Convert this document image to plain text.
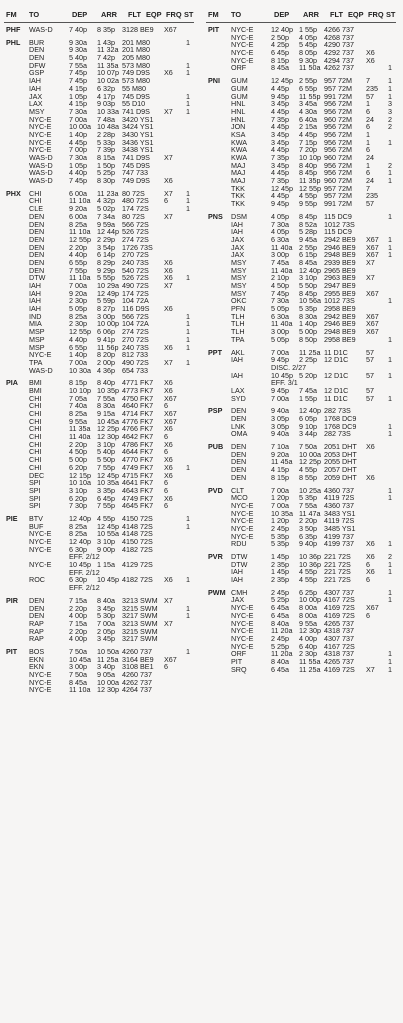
FM TO	DEP ARR FLT EQP FRQ ST
PHF WAS-D 7 40p 8 35p 3128 BE9 X67
PHL BUR	9 30a 1 43p 201 M80	1
DEN	9 30a 11 32a 201 M80
DEN	5 40p 7 42p 205 M80
DFW	7 55a 11 35a 573 M80	1
GSP	7 45p 10 07p 749 D9S X6 1
IAH	7 45p 10 02a 573 M80
IAH	4 15p 6 32p 55 M80
JAX	1 05p 4 17p 745 D9S	1
LAX	4 15p 9 03p 55 D10	1
MSY	7 30a 10 33a 741 D9S X7 1
NYC-E 7 00a 7 48a 3420 YS1
NYC-E 10 00a 10 48a 3424 YS1
NYC-E 1 40p 2 28p 3430 YS1
NYC-E 4 45p 5 33p 3436 YS1
NYC-E 7 00p 7 39p 3438 YS1
WAS-D 7 30a 8 15a 741 D9S X7
WAS-D 1 05p 1 50p 745 D9S
WAS-D 4 40p 5 25p 747 733
WAS-D 7 45p 8 30p 749 D9S X6
PHX CHI	6 00a 11 23a 80 72S	X7 1
CHI	11 10a 4 32p 480 72S 6	1
CLE	9 20a 5 02p 174 72S	1
DEN	6 00a 7 34a 80 72S	X7
DEN	8 25a 9 59a 566 72S
DEN	11 10a 12 44p 526 72S
DEN	12 55p 2 29p 274 72S
DEN	2 20p 3 54p 1726 73S
DEN	4 40p 6 14p 270 72S
DEN	6 55p 8 29p 240 73S X6
DEN	7 55p 9 29p 540 72S X6
DTW	11 10a 5 55p 526 72S X6 1
IAH	7 00a 10 29a 490 72S X7
IAH	9 20a 12 49p 174 72S
IAH	2 30p 5 59p 104 72A
IAH	5 05p 8 27p 116 D9S X6
IND	8 25a 3 00p 566 72S	1
MIA	2 30p 10 00p 104 72A	1
MSP	12 55p 6 06p 274 72S	1
MSP	4 40p 9 41p 270 72S	1
MSP	6 55p 11 56p 240 73S X6 1
NYC-E 1 40p 8 20p 812 733
TPA	7 00a 2 00p 490 72S X7 1
WAS-D 10 30a 4 36p 654 733
PIA BMI	8 15p 8 40p 4771 FK7 X6
BMI	10 10p 10 35p 4773 FK7 X6
CHI	7 05a 7 55a 4750 FK7 X67
CHI	7 40a 8 30a 4640 FK7 6
CHI	8 25a 9 15a 4714 FK7 X67
CHI	9 55a 10 45a 4776 FK7 X67
CHI	11 35a 12 25p 4766 FK7 X6
CHI	11 40a 12 30p 4642 FK7 6
CHI	2 20p 3 10p 4786 FK7 X6
CHI	4 50p 5 40p 4644 FK7 6
CHI	5 00p 5 50p 4770 FK7 X6
CHI	6 20p 7 55p 4749 FK7 X6 1
DEC	12 15p 12 45p 4715 FK7 X6
SPI	10 10a 10 35a 4641 FK7 6
SPI	3 10p 3 35p 4643 FK7 6
SPI	6 20p 6 45p 4749 FK7 X6
SPI	7 30p 7 55p 4645 FK7 6
PIE BTV	12 40p 4 55p 4150 72S	1
BUF	8 25a 12 45p 4148 72S	1
NYC-E 8 25a 10 55a 4148 72S
NYC-E 12 40p 3 10p 4150 72S
NYC-E 6 30p 9 00p 4182 72S
EFF. 2/12
NYC-E 10 45p 1 15a 4129 72S
EFF. 2/12
ROC	6 30p 10 45p 4182 72S X6 1
EFF. 2/12
PIR DEN	7 15a 8 40a 3213 SWM X7
DEN	2 20p 3 45p 3215 SWM	1
DEN	4 00p 5 30p 3217 SWM	1
RAP	7 15a 7 00a 3213 SWM X7
RAP	2 20p 2 05p 3215 SWM
RAP	4 00p 3 45p 3217 SWM
PIT BOS	7 50a 10 50a 4260 737	1
EKN	10 45a 11 25a 3164 BE9 X67
EKN	3 00p 3 40p 3108 BE1 6
NYC-E 7 50a 9 05a 4260 737
NYC-E 8 45a 10 00a 4262 737
NYC-E 11 10a 12 30p 4264 737
FM TO	DEP ARR FLT EQP FRQ ST
PIT NYC-E 12 40p 1 55p 4266 737
NYC-E 2 50p 4 05p 4268 737
NYC-E 4 25p 5 45p 4290 737
NYC-E 6 45p 8 05p 4292 737 X6
NYC-E 8 15p 9 30p 4294 737 X6
ORF	8 45a 11 50a 4262 737	1
PNI GUM	12 45p 2 55p 957 72M 7	1
GUM	4 45p 6 55p 957 72M 235 1
GUM	9 45p 11 55p 991 72M 57 1
HNL	3 45p 3 45a 956 72M 1	3
HNL	4 45p 4 30a 956 72M 6	3
HNL	7 35p 6 40a 960 72M 24 2
JON	4 45p 2 15a 956 72M 6	2
KSA	3 45p 4 45p 956 72M 1
KWA	3 45p 7 15p 956 72M 1	1
KWA	4 45p 7 20p 956 72M 6
KWA	7 35p 10 10p 960 72M 24
MAJ	3 45p 8 40p 956 72M 1	2
MAJ	4 45p 8 45p 956 72M 6	1
MAJ	7 35p 11 35p 960 72M 24 1
TKK	12 45p 12 55p 957 72M 7
TKK	4 45p 4 55p 957 72M 235
TKK	9 45p 9 55p 991 72M 57
PNS DSM	4 05p 8 45p 115 DC9	1
IAH	7 30a 8 52a 1012 73S
IAH	4 05p 5 28p 115 DC9
JAX	6 30a 9 45a 2942 BE9 X67 1
JAX	11 40a 2 55p 2946 BE9 X67 1
JAX	3 00p 6 15p 2948 BE9 X67 1
MSY	7 45a 8 45a 2939 BE9 X7
MSY	11 40a 12 40p 2965 BE9
MSY	2 10p 3 10p 2963 BE9 X7
MSY	4 50p 5 50p 2947 BE9
MSY	7 45p 8 45p 2955 BE9 X67
OKC	7 30a 10 56a 1012 73S	1
PFN	5 05p 5 35p 2958 BE9
TLH	6 30a 8 30a 2942 BE9 X67
TLH	11 40a 1 40p 2946 BE9 X67
TLH	3 00p 5 00p 2948 BE9 X67
TPA	5 05p 8 50p 2958 BE9	1
PPT AKL	7 00a 11 25a 11 D1C	57
IAH	9 45p 2 25p 12 D1C 57 1
DISC. 2/27
IAH	10 45p 5 20p 12 D1C 57 1
EFF. 3/1
LAX	9 45p 7 45a 12 D1C 57
SYD	7 00a 1 55p 11 D1C	57 1
PSP DEN	9 40a 12 40p 282 73S
DEN	3 05p 6 05p 1768 DC9
LNK	3 05p 9 10p 1768 DC9	1
OMA	9 40a 3 44p 282 73S	1
PUB DEN	7 10a 7 50a 2051 DHT X6
DEN	9 20a 10 00a 2053 DHT
DEN	11 45a 12 25p 2055 DHT
DEN	4 15p 4 55p 2057 DHT
DEN	8 15p 8 55p 2059 DHT X6
PVD CLT	7 00a 10 25a 4360 737	1
MCO	1 20p 5 35p 4119 72S	1
NYC-E 7 00a 7 55a 4360 737
NYC-E 10 35a 11 47a 3483 YS1
NYC-E 1 20p 2 20p 4119 72S
NYC-E 2 45p 3 50p 3485 YS1
NYC-E 5 35p 6 35p 4199 737
RDU	5 35p 9 40p 4199 737 X6 1
PVR DTW	1 45p 10 36p 221 72S X6 2
DTW	2 35p 10 36p 221 72S 6	1
IAH	1 45p 4 55p 221 72S X6 1
IAH	2 35p 4 55p 221 72S 6
PWM CMH	2 45p 6 25p 4307 737	1
JAX	5 25p 10 00p 4167 72S	1
NYC-E 6 45a 8 00a 4169 72S X67
NYC-E 6 45a 8 00a 4169 72S 6
NYC-E 8 40a 9 55a 4265 737
NYC-E 11 20a 12 30p 4318 737
NYC-E 2 45p 4 00p 4307 737
NYC-E 5 25p 6 40p 4167 72S
ORF	11 20a 2 30p 4318 737	1
PIT	8 40a 11 55a 4265 737	1
SRQ	6 45a 11 25a 4169 72S X7 1
